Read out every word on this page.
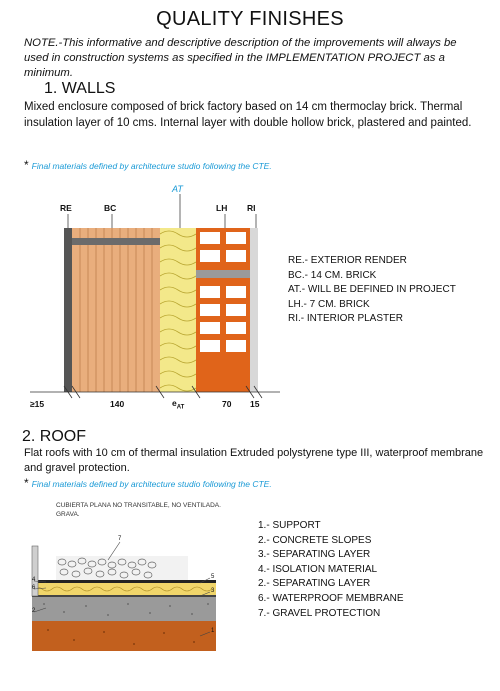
QUALITY FINISHES
NOTE.-This informative and descriptive description of the improvements will always be used in construction systems as specified in the IMPLEMENTATION PROJECT as a minimum.
1. WALLS
Mixed enclosure composed of brick factory based on 14 cm thermoclay brick. Thermal insulation layer of 10 cms. Internal layer with double hollow brick, plastered and painted.
* Final materials defined by architecture studio following the CTE.
AT
RE	BC	LH RI
≥15	140	$e_{AT}$	70 15
RE.- EXTERIOR RENDER
BC.- 14 CM. BRICK
AT.- WILL BE DEFINED IN PROJECT
LH.- 7 CM. BRICK
RI.- INTERIOR PLASTER
2. ROOF
Flat roofs with 10 cm of thermal insulation Extruded polystyrene type III, waterproof membrane and gravel protection.
* Final materials defined by architecture studio following the CTE.
CUBIERTA PLANA NO TRANSITABLE, NO VENTILADA.
GRAVA.
7
4
6
2
5
3
1
1.- SUPPORT
2.- CONCRETE SLOPES
3.- SEPARATING LAYER
4.- ISOLATION MATERIAL
2.- SEPARATING LAYER
6.- WATERPROOF MEMBRANE
7.- GRAVEL PROTECTION
